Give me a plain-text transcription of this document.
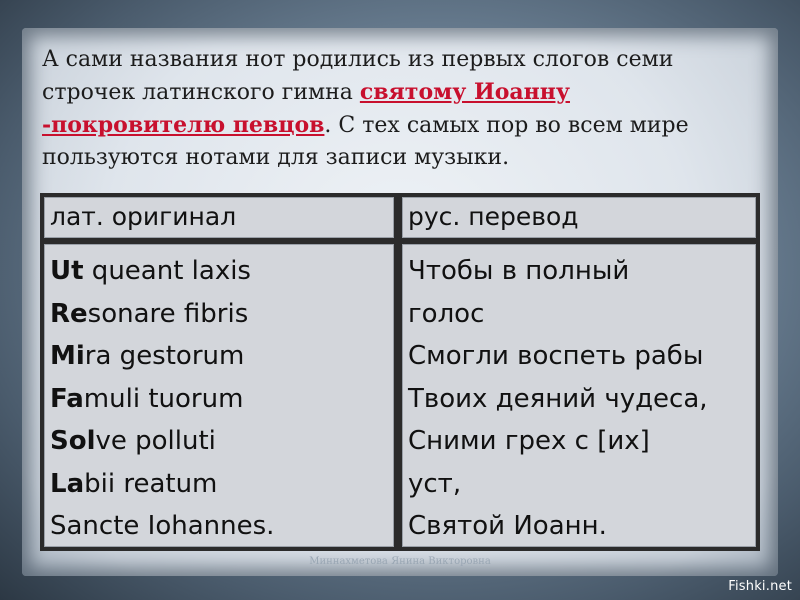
А сами названия нот родились из первых слогов семи строчек латинского гимна святому Иоанну
-покровителю певцов. С тех самых пор во всем мире пользуются нотами для записи музыки.

лат. оригинал	рус. перевод
Ut queant laxis
Resonare fibris
Mira gestorum
Famuli tuorum
Solve polluti
Labii reatum
Sancte Iohannes.
Чтобы в полный
голос
Смогли воспеть рабы
Твоих деяний чудеса,
Сними грех с [их]
уст,
Святой Иоанн.
Миннахметова Янина Викторовна
Fishki.net
